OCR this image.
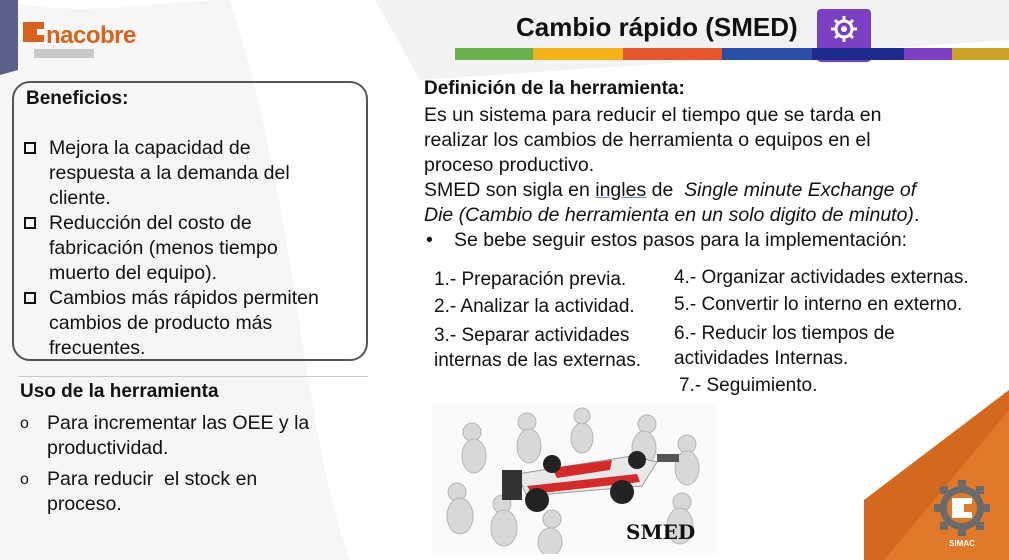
nacobre	Cambio rápido (SMED)
Beneficios:
Mejora la capacidad de
respuesta a la demanda del
cliente.
Reducción del costo de
fabricación (menos tiempo
muerto del equipo).
Cambios más rápidos permiten
cambios de producto más
frecuentes.
Uso de la herramienta
o Para incrementar las OEE y la
productividad.
o Para reducir  el stock en
proceso.
Definición de la herramienta:
Es un sistema para reducir el tiempo que se tarda en
realizar los cambios de herramienta o equipos en el
proceso productivo.
SMED son sigla en ingles de  Single minute Exchange of
Die (Cambio de herramienta en un solo digito de minuto).
• Se bebe seguir estos pasos para la implementación:
1.- Preparación previa.
2.- Analizar la actividad.
3.- Separar actividades
internas de las externas.
4.- Organizar actividades externas.
5.- Convertir lo interno en externo.
6.- Reducir los tiempos de
actividades Internas.
7.- Seguimiento.
SMED	SIMAC
